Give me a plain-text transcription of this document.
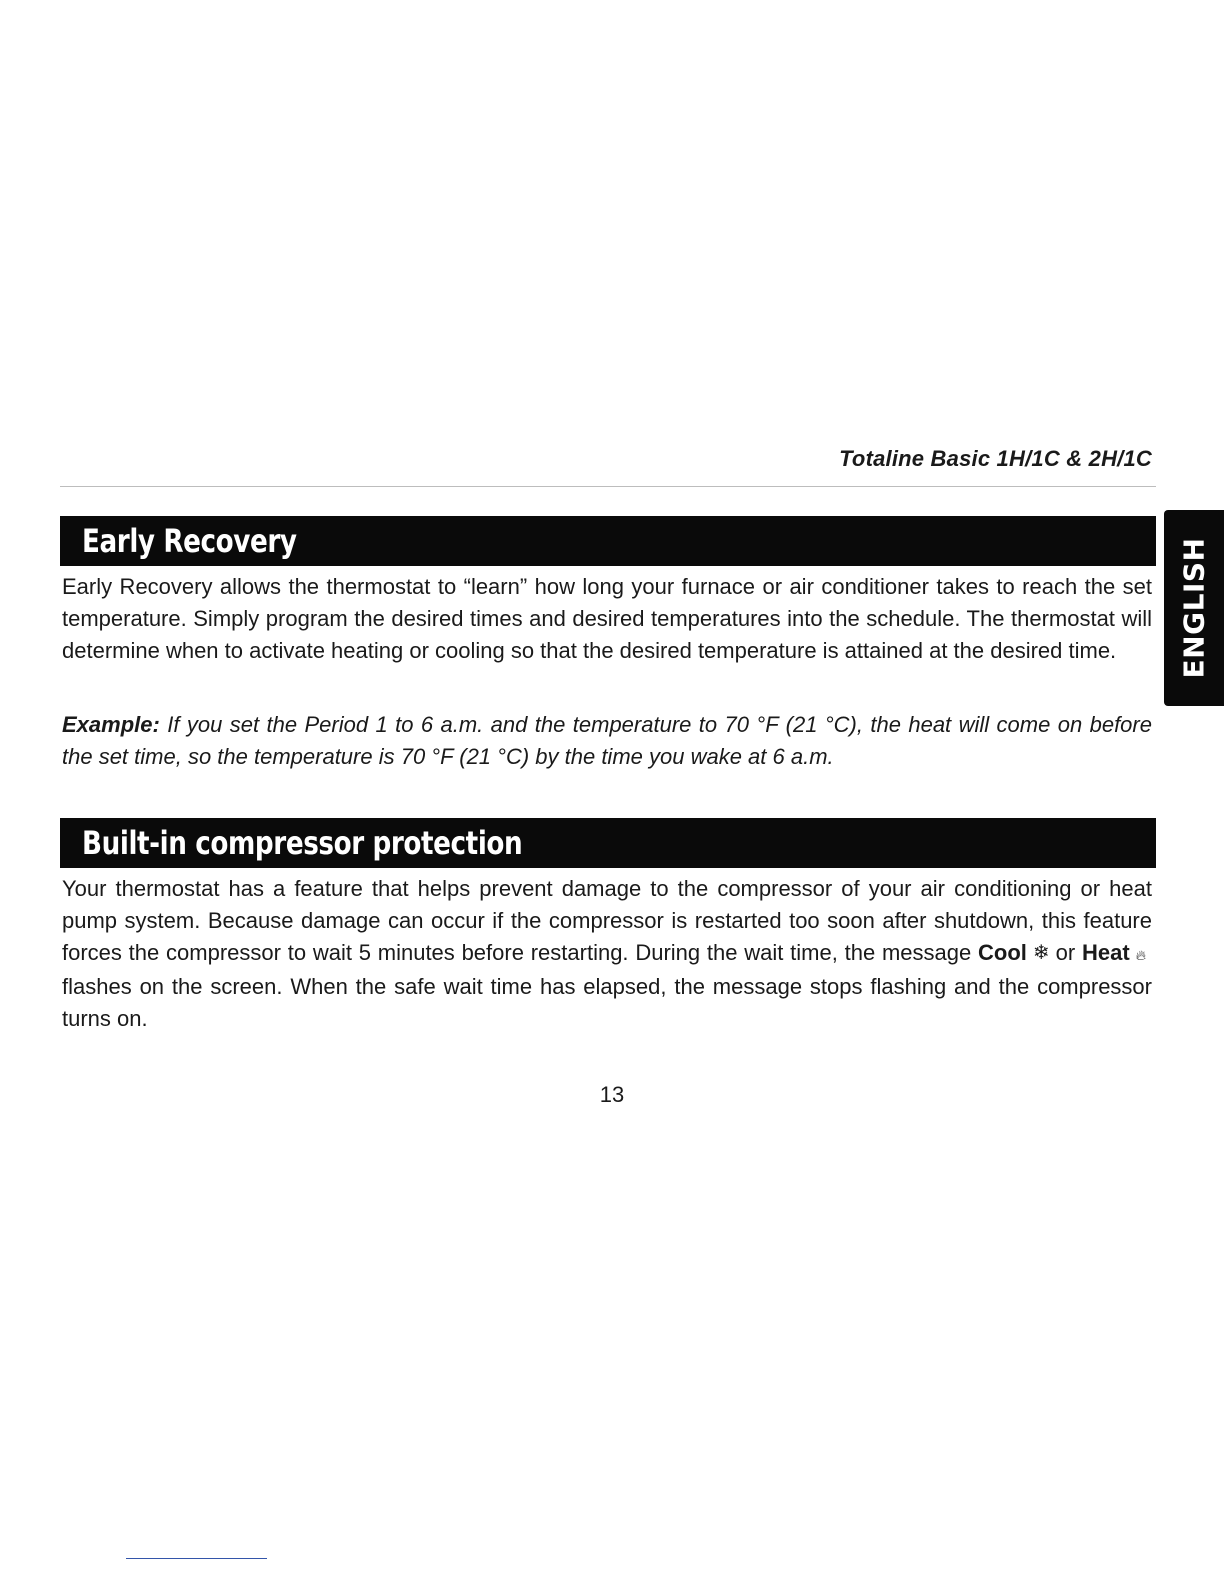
Totaline Basic 1H/1C & 2H/1C
ENGLISH
Early Recovery

Early Recovery allows the thermostat to “learn” how long your furnace or air conditioner takes to reach the set temperature. Simply program the desired times and desired temperatures into the schedule. The thermostat will determine when to activate heating or cooling so that the desired temperature is attained at the desired time.

Example: If you set the Period 1 to 6 a.m. and the temperature to 70 °F (21 °C), the heat will come on before the set time, so the temperature is 70 °F (21 °C) by the time you wake at 6 a.m.

Built-in compressor protection

Your thermostat has a feature that helps prevent damage to the compressor of your air conditioning or heat pump system. Because damage can occur if the compressor is restarted too soon after shutdown, this feature forces the compressor to wait 5 minutes before restarting. During the wait time, the message Cool ❄ or Heat 🔥︎flashes on the screen. When the safe wait time has elapsed, the message stops flashing and the compressor turns on.

13
